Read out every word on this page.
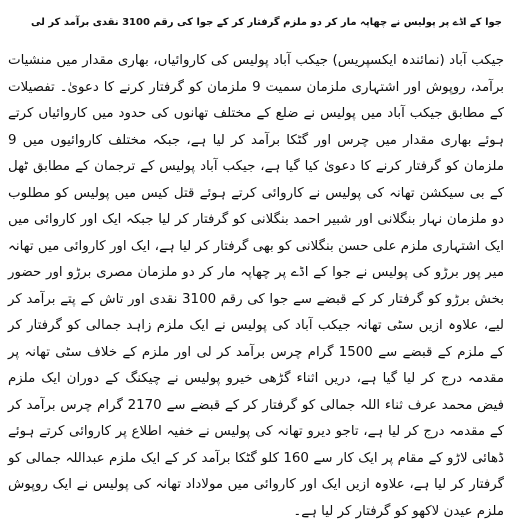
جوا کے اڈے پر پولیس نے چھاپہ مار کر دو ملزم گرفتار کر کے جوا کی رقم 3100 نقدی برآمد کر لی
جیکب آباد (نمائندہ ایکسپریس) جیکب آباد پولیس کی کاروائیاں، بھاری مقدار میں منشیات برآمد، روپوش اور اشتہاری ملزمان سمیت 9 ملزمان کو گرفتار کرنے کا دعویٰ۔ تفصیلات کے مطابق جیکب آباد میں پولیس نے ضلع کے مختلف تھانوں کی حدود میں کاروائیاں کرتے ہوئے بھاری مقدار میں چرس اور گٹکا برآمد کر لیا ہے، جبکہ مختلف کاروائیوں میں 9 ملزمان کو گرفتار کرنے کا دعویٰ کیا گیا ہے، جیکب آباد پولیس کے ترجمان کے مطابق ٹھل کے بی سیکشن تھانہ کی پولیس نے کاروائی کرتے ہوئے قتل کیس میں پولیس کو مطلوب دو ملزمان نہار بنگلانی اور شبیر احمد بنگلانی کو گرفتار کر لیا جبکہ ایک اور کاروائی میں ایک اشتہاری ملزم علی حسن بنگلانی کو بھی گرفتار کر لیا ہے، ایک اور کاروائی میں تھانہ میر پور برڑو کی پولیس نے جوا کے اڈے پر چھاپہ مار کر دو ملزمان مصری برڑو اور حضور بخش برڑو کو گرفتار کر کے قبضے سے جوا کی رقم 3100 نقدی اور تاش کے پتے برآمد کر لیے، علاوہ ازیں سٹی تھانہ جیکب آباد کی پولیس نے ایک ملزم زاہد جمالی کو گرفتار کر کے ملزم کے قبضے سے 1500 گرام چرس برآمد کر لی اور ملزم کے خلاف سٹی تھانہ پر مقدمہ درج کر لیا گیا ہے، دریں اثناء گڑھی خیرو پولیس نے چیکنگ کے دوران ایک ملزم فیض محمد عرف ثناء اللہ جمالی کو گرفتار کر کے قبضے سے 2170 گرام چرس برآمد کر کے مقدمہ درج کر لیا ہے، تاجو دیرو تھانہ کی پولیس نے خفیہ اطلاع پر کاروائی کرتے ہوئے ڈھائی لاڑو کے مقام پر ایک کار سے 160 کلو گٹکا برآمد کر کے ایک ملزم عبداللہ جمالی کو گرفتار کر لیا ہے، علاوہ ازیں ایک اور کاروائی میں مولاداد تھانہ کی پولیس نے ایک روپوش ملزم عیدن لاکھو کو گرفتار کر لیا ہے۔
